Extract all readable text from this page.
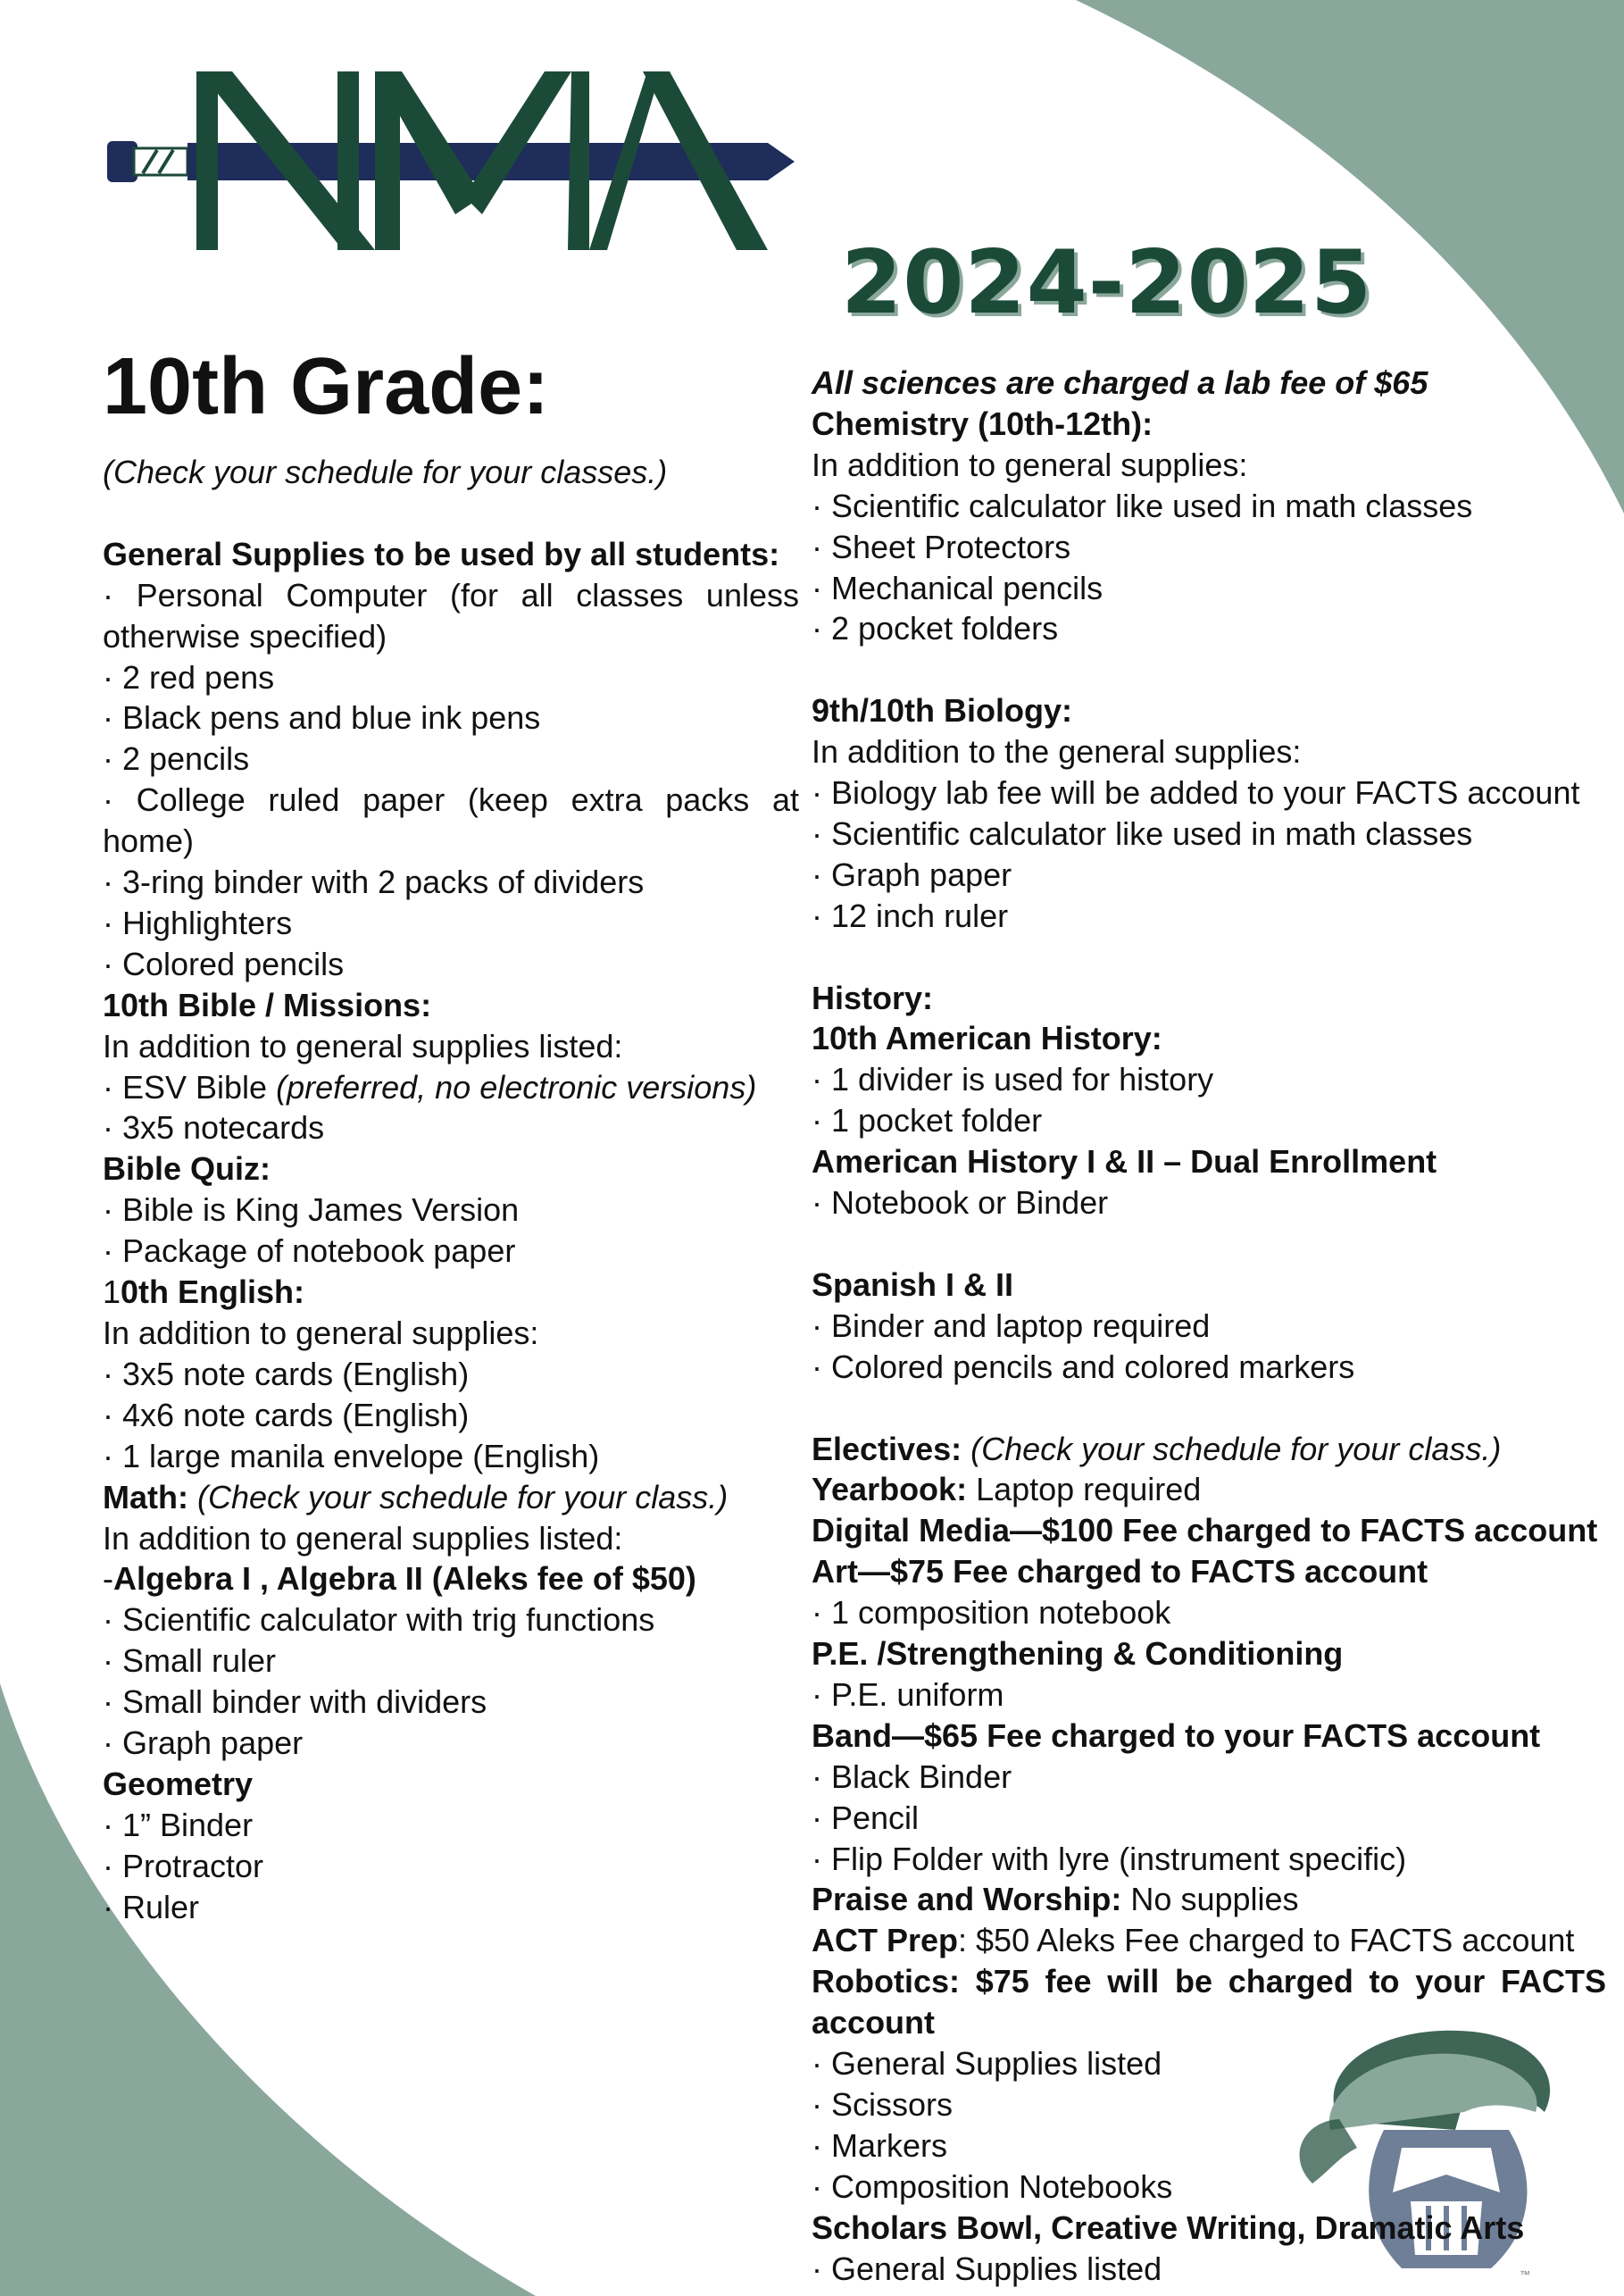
NMA
2024-2025
10th Grade:

(Check your schedule for your classes.)

General Supplies to be used by all students:

· Personal Computer (for all classes unless otherwise specified)

· 2 red pens

· Black pens and blue ink pens

· 2 pencils

· College ruled paper (keep extra packs at home)

· 3-ring binder with 2 packs of dividers

· Highlighters

· Colored pencils

10th Bible / Missions:

In addition to general supplies listed:

· ESV Bible (preferred, no electronic versions)

· 3x5 notecards

Bible Quiz:

· Bible is King James Version

· Package of notebook paper

10th English:

In addition to general supplies:

· 3x5 note cards (English)

· 4x6 note cards (English)

· 1 large manila envelope (English)

Math: (Check your schedule for your class.)

In addition to general supplies listed:

-Algebra I , Algebra II (Aleks fee of $50)

· Scientific calculator with trig functions

· Small ruler

· Small binder with dividers

· Graph paper

Geometry

· 1” Binder

· Protractor

· Ruler

All sciences are charged a lab fee of $65

Chemistry (10th-12th):

In addition to general supplies:

· Scientific calculator like used in math classes

· Sheet Protectors

· Mechanical pencils

· 2 pocket folders

9th/10th Biology:

In addition to the general supplies:

· Biology lab fee will be added to your FACTS account

· Scientific calculator like used in math classes

· Graph paper

· 12 inch ruler

History:

10th American History:

· 1 divider is used for history

· 1 pocket folder

American History I & II – Dual Enrollment

· Notebook or Binder

Spanish I & II

· Binder and laptop required

· Colored pencils and colored markers

Electives: (Check your schedule for your class.)

Yearbook: Laptop required

Digital Media—$100 Fee charged to FACTS account

Art—$75 Fee charged to FACTS account

· 1 composition notebook

P.E. /Strengthening & Conditioning

· P.E. uniform

Band—$65 Fee charged to your FACTS account

· Black Binder

· Pencil

· Flip Folder with lyre (instrument specific)

Praise and Worship: No supplies

ACT Prep: $50 Aleks Fee charged to FACTS account

Robotics: $75 fee will be charged to your FACTS account

· General Supplies listed

· Scissors

· Markers

· Composition Notebooks

Scholars Bowl, Creative Writing, Dramatic Arts

· General Supplies listed	™
